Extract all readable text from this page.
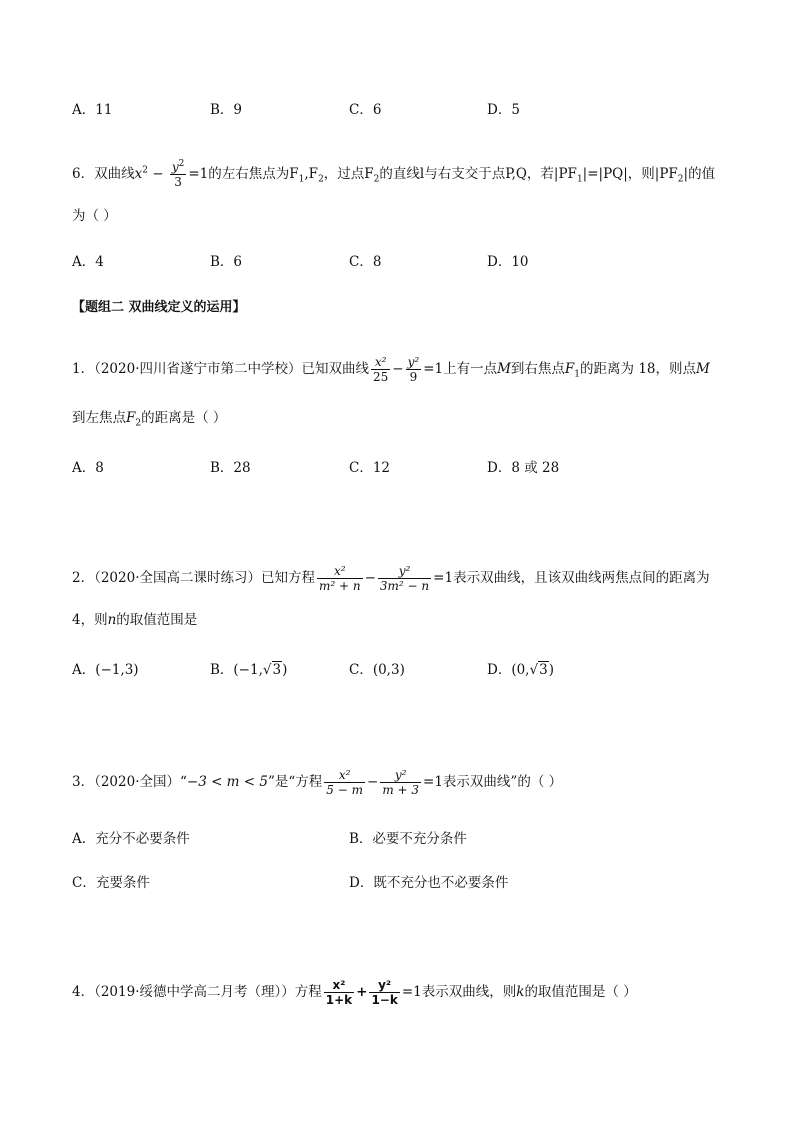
A．11	B．9	C．6	D．5
6．双曲线$x^2 - \frac{y^2}{3} =1$的左右焦点为$F_1,F_2$，过点$F_2$的直线l与右支交于点P,Q，若$|PF_1|=|PQ|$，则$|PF_2|$的值
为（ ）
A．4	B．6	C．8	D．10
【题组二 双曲线定义的运用】
1．（2020·四川省遂宁市第二中学校）已知双曲线 $\frac{\text{x²}}{25} - \frac{\text{y²}}{9} =1$上有一点M到右焦点$F_1$的距离为 18，则点M
到左焦点$F_2$的距离是（ ）
A．8	B．28	C．12	D．8 或 28
2．（2020·全国高二课时练习）已知方程 $\frac{\text{x²}}{\text{m² + n}} - \frac{\text{y²}}{\text{3m² − n}} =1$表示双曲线，且该双曲线两焦点间的距离为
4，则n的取值范围是
A．(−1,3)	B．(−1,√3)	C．(0,3)	D．(0,√3)
3．（2020·全国）“−3 < m < 5”是“方程 $\frac{\text{x²}}{5 - m} - \frac{\text{y²}}{m + 3} =1$表示双曲线”的（ ）
A．充分不必要条件	B．必要不充分条件
C．充要条件	D．既不充分也不必要条件
4．（2019·绥德中学高二月考（理））方程 $\frac{\text{x²}}{1+k} + \frac{\text{y²}}{1-k} =1$表示双曲线，则k的取值范围是（ ）
